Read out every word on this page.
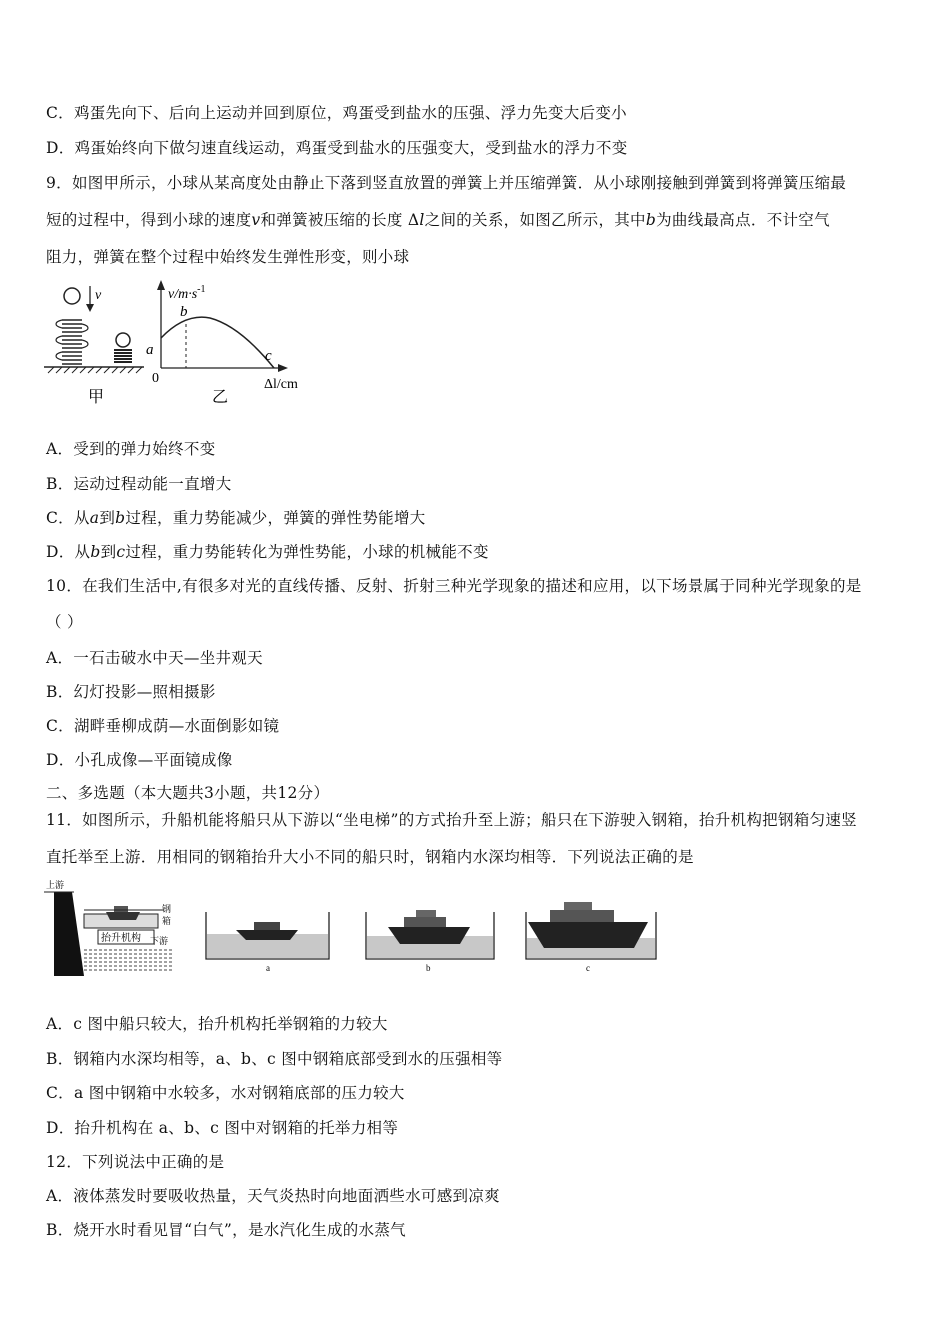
C．鸡蛋先向下、后向上运动并回到原位，鸡蛋受到盐水的压强、浮力先变大后变小
D．鸡蛋始终向下做匀速直线运动，鸡蛋受到盐水的压强变大，受到盐水的浮力不变
9．如图甲所示，小球从某高度处由静止下落到竖直放置的弹簧上并压缩弹簧．从小球刚接触到弹簧到将弹簧压缩最
短的过程中，得到小球的速度v和弹簧被压缩的长度 Δl之间的关系，如图乙所示，其中b为曲线最高点．不计空气
阻力，弹簧在整个过程中始终发生弹性形变，则小球
v
甲
$v/m\cdot s^{-1}$
Δl/cm
0
a
b
c
乙
A．受到的弹力始终不变
B．运动过程动能一直增大
C．从a到b过程，重力势能减少，弹簧的弹性势能增大
D．从b到c过程，重力势能转化为弹性势能，小球的机械能不变
10．在我们生活中,有很多对光的直线传播、反射、折射三种光学现象的描述和应用，以下场景属于同种光学现象的是
（ ）
A．一石击破水中天—坐井观天
B．幻灯投影—照相摄影
C．湖畔垂柳成荫—水面倒影如镜
D．小孔成像—平面镜成像
二、多选题（本大题共3小题，共12分）
11．如图所示，升船机能将船只从下游以“坐电梯”的方式抬升至上游；船只在下游驶入钢箱，抬升机构把钢箱匀速竖
直托举至上游．用相同的钢箱抬升大小不同的船只时，钢箱内水深均相等．下列说法正确的是
上游
钢
箱
抬升机构 下游
a	b	c
A．c 图中船只较大，抬升机构托举钢箱的力较大
B．钢箱内水深均相等，a、b、c 图中钢箱底部受到水的压强相等
C．a 图中钢箱中水较多，水对钢箱底部的压力较大
D．抬升机构在 a、b、c 图中对钢箱的托举力相等
12．下列说法中正确的是
A．液体蒸发时要吸收热量，天气炎热时向地面洒些水可感到凉爽
B．烧开水时看见冒“白气”，是水汽化生成的水蒸气
